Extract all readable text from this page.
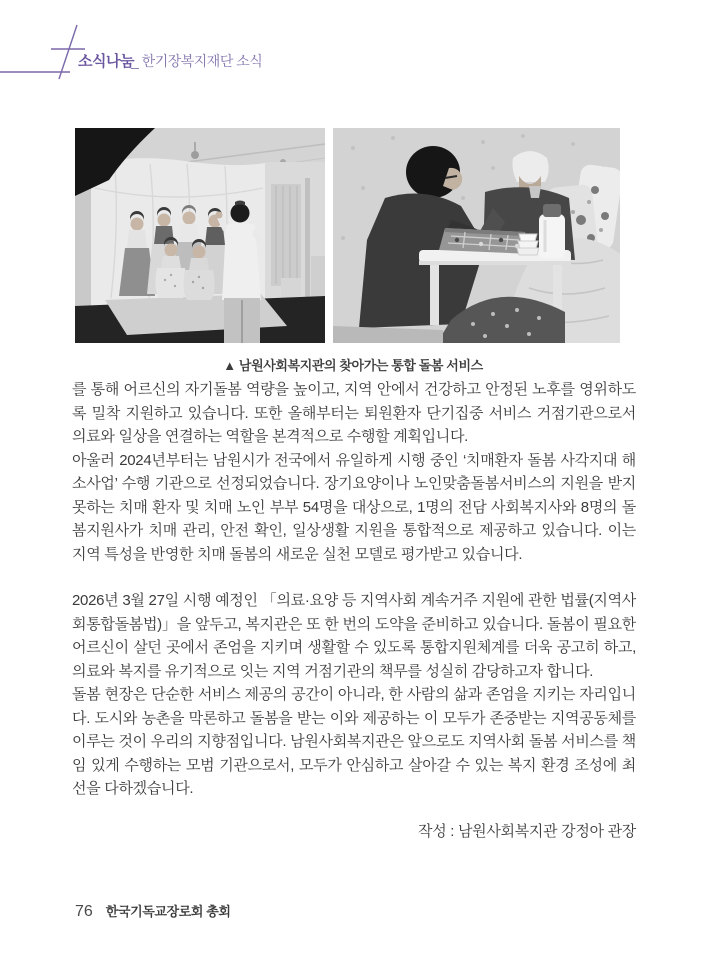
소식나눔
_ 한기장복지재단 소식
▲ 남원사회복지관의 찾아가는 통합 돌봄 서비스

를 통해 어르신의 자기돌봄 역량을 높이고, 지역 안에서 건강하고 안정된 노후를 영위하도록 밀착 지원하고 있습니다. 또한 올해부터는 퇴원환자 단기집중 서비스 거점기관으로서 의료와 일상을 연결하는 역할을 본격적으로 수행할 계획입니다.

아울러 2024년부터는 남원시가 전국에서 유일하게 시행 중인 ‘치매환자 돌봄 사각지대 해소사업’ 수행 기관으로 선정되었습니다. 장기요양이나 노인맞춤돌봄서비스의 지원을 받지 못하는 치매 환자 및 치매 노인 부부 54명을 대상으로, 1명의 전담 사회복지사와 8명의 돌봄지원사가 치매 관리, 안전 확인, 일상생활 지원을 통합적으로 제공하고 있습니다. 이는 지역 특성을 반영한 치매 돌봄의 새로운 실천 모델로 평가받고 있습니다.

2026년 3월 27일 시행 예정인 「의료·요양 등 지역사회 계속거주 지원에 관한 법률(지역사회통합돌봄법)」을 앞두고, 복지관은 또 한 번의 도약을 준비하고 있습니다. 돌봄이 필요한 어르신이 살던 곳에서 존엄을 지키며 생활할 수 있도록 통합지원체계를 더욱 공고히 하고, 의료와 복지를 유기적으로 잇는 지역 거점기관의 책무를 성실히 감당하고자 합니다.

돌봄 현장은 단순한 서비스 제공의 공간이 아니라, 한 사람의 삶과 존엄을 지키는 자리입니다. 도시와 농촌을 막론하고 돌봄을 받는 이와 제공하는 이 모두가 존중받는 지역공동체를 이루는 것이 우리의 지향점입니다. 남원사회복지관은 앞으로도 지역사회 돌봄 서비스를 책임 있게 수행하는 모범 기관으로서, 모두가 안심하고 살아갈 수 있는 복지 환경 조성에 최선을 다하겠습니다.

작성 : 남원사회복지관 강정아 관장
76 한국기독교장로회 총회
